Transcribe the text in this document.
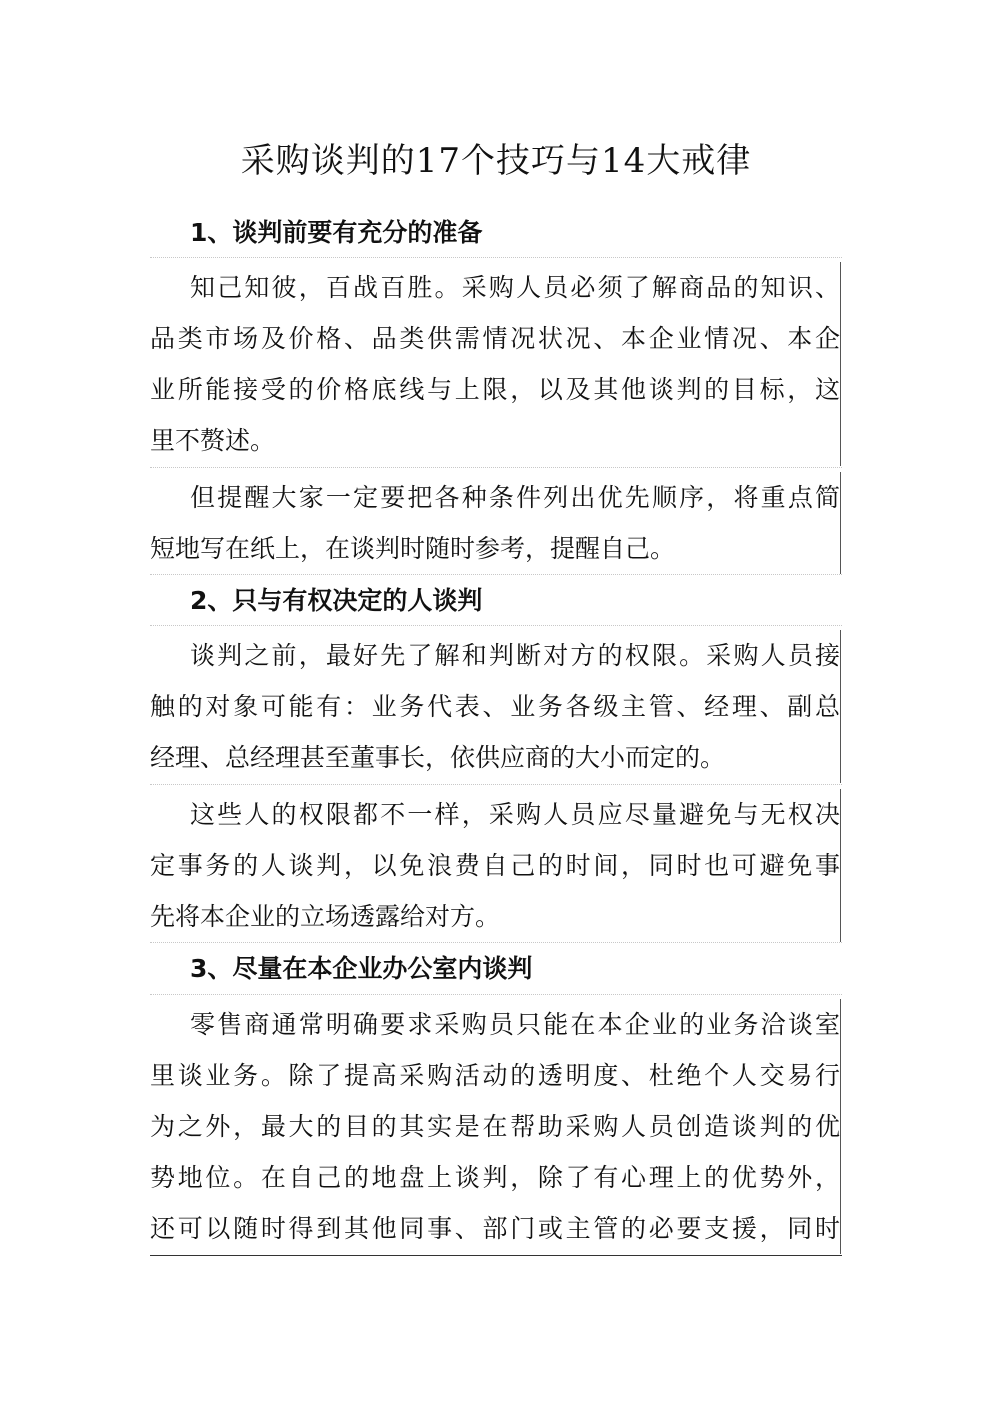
采购谈判的17个技巧与14大戒律
1、谈判前要有充分的准备
知己知彼，百战百胜。采购人员必须了解商品的知识、
品类市场及价格、品类供需情况状况、本企业情况、本企
业所能接受的价格底线与上限，以及其他谈判的目标，这
里不赘述。
但提醒大家一定要把各种条件列出优先顺序，将重点简
短地写在纸上，在谈判时随时参考，提醒自己。
2、只与有权决定的人谈判
谈判之前，最好先了解和判断对方的权限。采购人员接
触的对象可能有：业务代表、业务各级主管、经理、副总
经理、总经理甚至董事长，依供应商的大小而定的。
这些人的权限都不一样，采购人员应尽量避免与无权决
定事务的人谈判，以免浪费自己的时间，同时也可避免事
先将本企业的立场透露给对方。
3、尽量在本企业办公室内谈判
零售商通常明确要求采购员只能在本企业的业务洽谈室
里谈业务。除了提高采购活动的透明度、杜绝个人交易行
为之外，最大的目的其实是在帮助采购人员创造谈判的优
势地位。在自己的地盘上谈判，除了有心理上的优势外，
还可以随时得到其他同事、部门或主管的必要支援，同时
